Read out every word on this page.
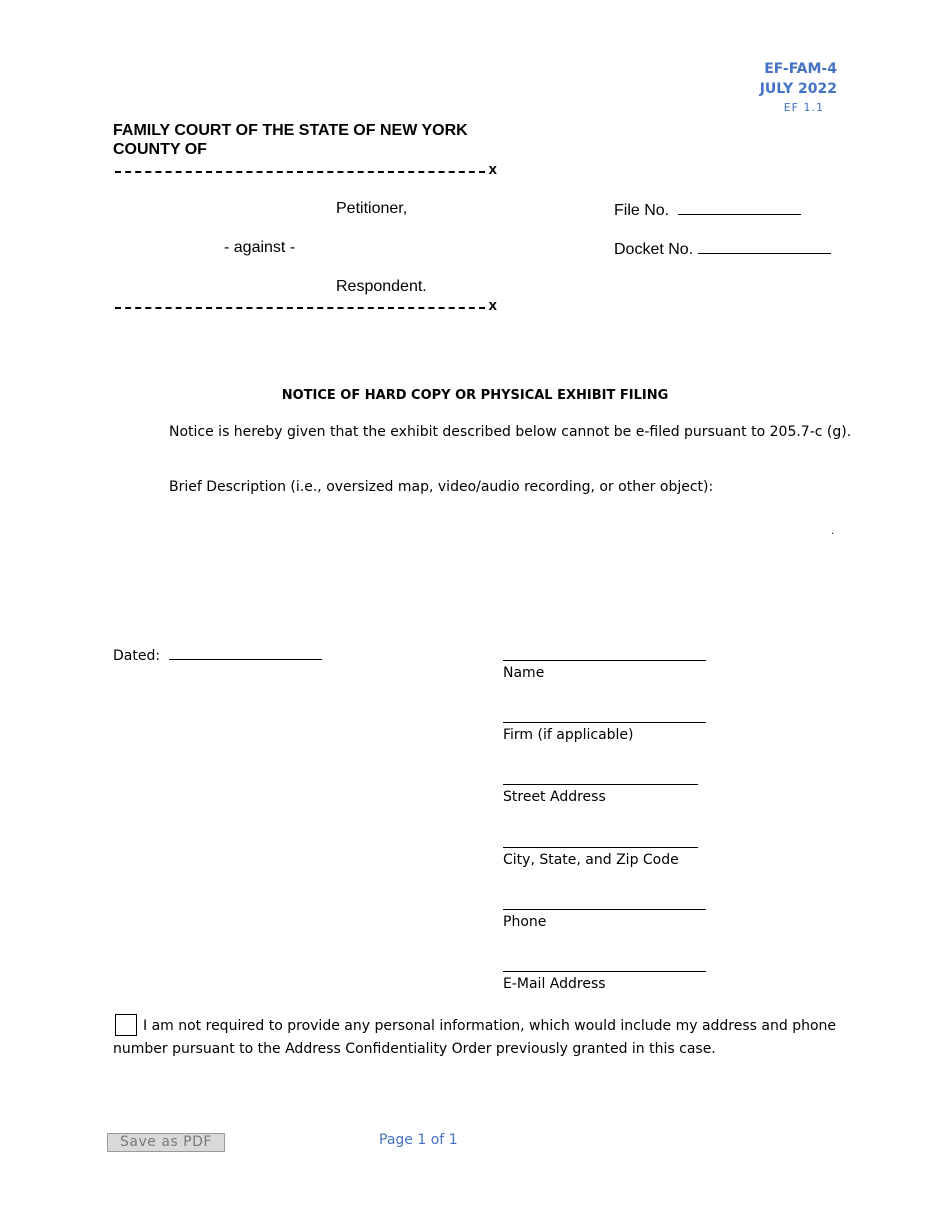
EF-FAM-4
JULY 2022
EF 1.1
FAMILY COURT OF THE STATE OF NEW YORK
COUNTY OF
x
Petitioner,
- against -
Respondent.
File No.
Docket No.
x
NOTICE OF HARD COPY OR PHYSICAL EXHIBIT FILING
Notice is hereby given that the exhibit described below cannot be e-filed pursuant to 205.7-c (g).
Brief Description (i.e., oversized map, video/audio recording, or other object):
.
Dated:
Name
Firm (if applicable)
Street Address
City, State, and Zip Code
Phone
E-Mail Address
I am not required to provide any personal information, which would include my address and phone
number pursuant to the Address Confidentiality Order previously granted in this case.
Save as PDF	Page 1 of 1
